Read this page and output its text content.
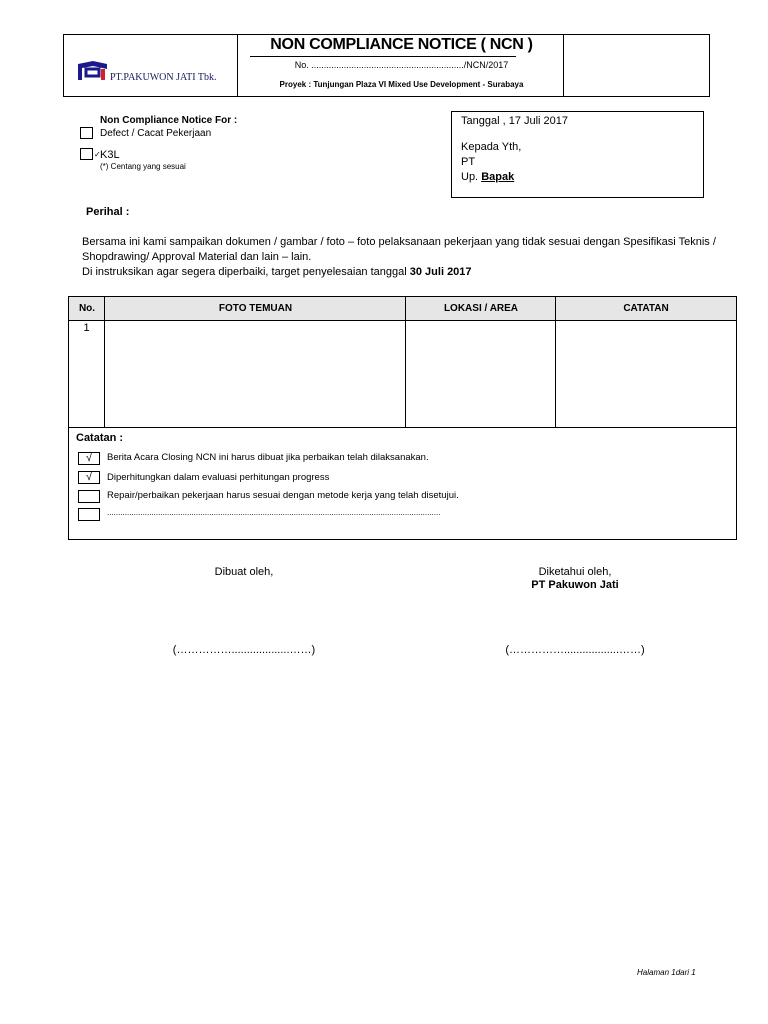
PT.PAKUWON JATI Tbk.
NON COMPLIANCE NOTICE ( NCN )
No. ............................................................./NCN/2017
Proyek : Tunjungan Plaza VI Mixed Use Development - Surabaya
Non Compliance Notice For :
Defect / Cacat Pekerjaan
✓ K3L
(*) Centang yang sesuai
Tanggal , 17 Juli 2017
Kepada Yth,
PT
Up. Bapak
Perihal :
Bersama ini kami sampaikan dokumen / gambar / foto – foto pelaksanaan pekerjaan yang tidak sesuai dengan Spesifikasi Teknis /
Shopdrawing/ Approval Material dan lain – lain.
Di instruksikan agar segera diperbaiki, target penyelesaian tanggal 30 Juli 2017
No.	FOTO TEMUAN	LOKASI / AREA	CATATAN
1
Catatan :
√	Berita Acara Closing NCN ini harus dibuat jika perbaikan telah dilaksanakan.
√	Diperhitungkan dalam evaluasi perhitungan progress
Repair/perbaikan pekerjaan harus sesuai dengan metode kerja yang telah disetujui.
......................................................................................................................................................
Dibuat oleh,	Diketahui oleh,
PT Pakuwon Jati
(……………...................……)	(……………..................……)
Halaman 1dari 1
